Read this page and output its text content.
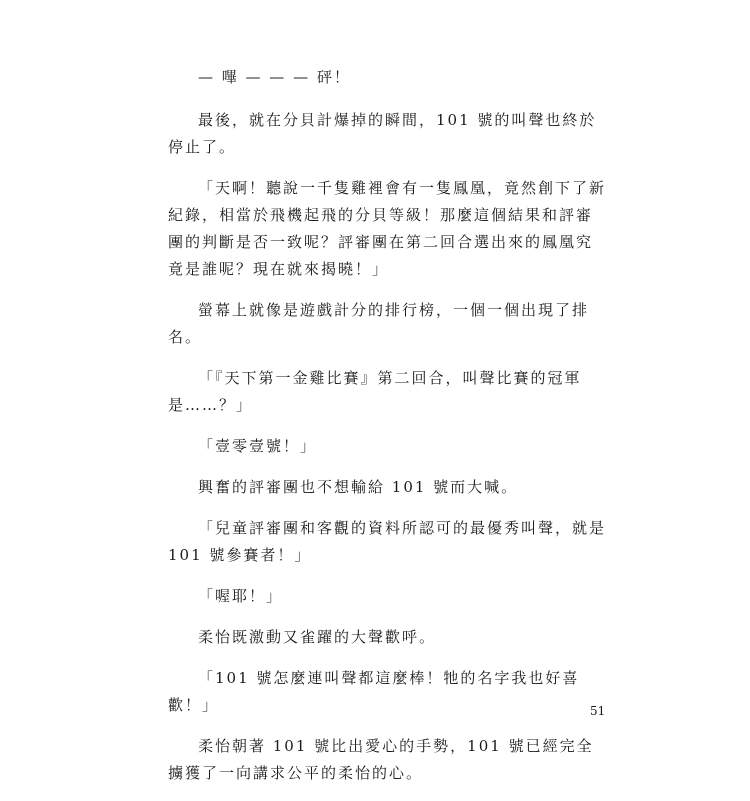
— 嗶 — — — 砰！

最後，就在分貝計爆掉的瞬間，101 號的叫聲也終於停止了。

「天啊！聽說一千隻雞裡會有一隻鳳凰，竟然創下了新紀錄，相當於飛機起飛的分貝等級！那麼這個結果和評審團的判斷是否一致呢？評審團在第二回合選出來的鳳凰究竟是誰呢？現在就來揭曉！」

螢幕上就像是遊戲計分的排行榜，一個一個出現了排名。

「『天下第一金雞比賽』第二回合，叫聲比賽的冠軍是……？」

「壹零壹號！」

興奮的評審團也不想輸給 101 號而大喊。

「兒童評審團和客觀的資料所認可的最優秀叫聲，就是 101 號參賽者！」

「喔耶！」

柔怡既激動又雀躍的大聲歡呼。

「101 號怎麼連叫聲都這麼棒！牠的名字我也好喜歡！」

柔怡朝著 101 號比出愛心的手勢，101 號已經完全擄獲了一向講求公平的柔怡的心。

51
